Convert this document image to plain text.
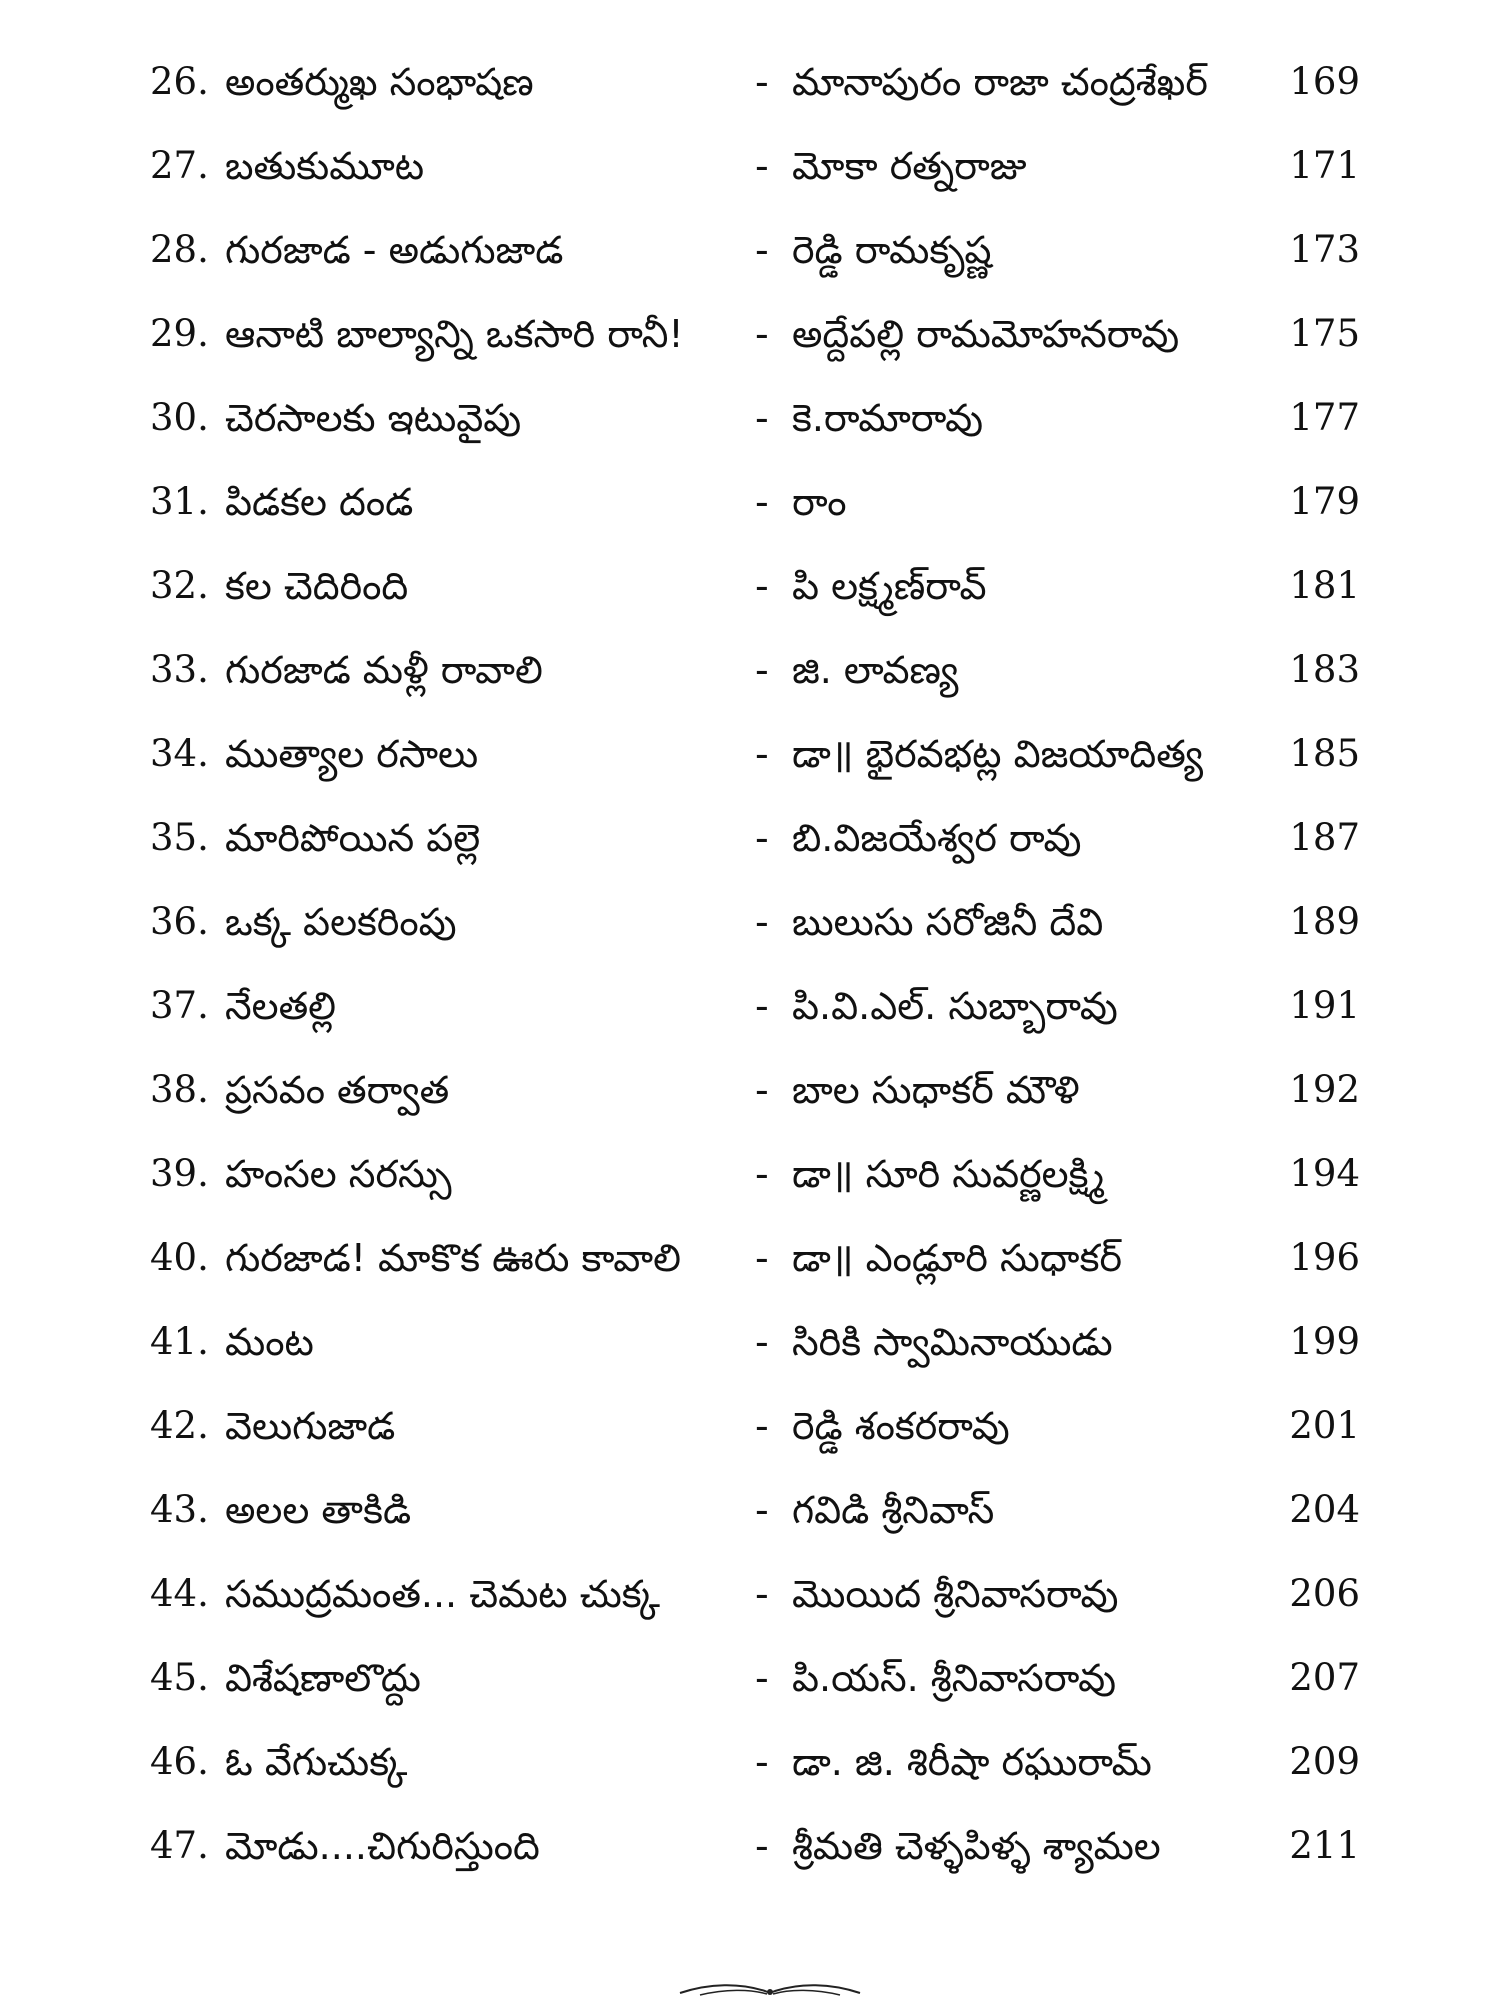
26. అంతర్ముఖ సంభాషణ	- మానాపురం రాజా చంద్రశేఖర్ 169
27. బతుకుమూట	- మోకా రత్నరాజు	171
28. గురజాడ - అడుగుజాడ	- రెడ్డి రామకృష్ణ	173
29. ఆనాటి బాల్యాన్ని ఒకసారి రానీ! - అద్దేపల్లి రామమోహనరావు	175
30. చెరసాలకు ఇటువైపు	- కె.రామారావు	177
31. పిడకల దండ	- రాం	179
32. కల చెదిరింది	- పి లక్ష్మణ్‌రావ్	181
33. గురజాడ మళ్లీ రావాలి	- జి. లావణ్య	183
34. ముత్యాల రసాలు	- డా॥ భైరవభట్ల విజయాదిత్య 185
35. మారిపోయిన పల్లె	- బి.విజయేశ్వర రావు	187
36. ఒక్క పలకరింపు	- బులుసు సరోజినీ దేవి	189
37. నేలతల్లి	- పి.వి.ఎల్. సుబ్బారావు	191
38. ప్రసవం తర్వాత	- బాల సుధాకర్ మౌళి	192
39. హంసల సరస్సు	- డా॥ సూరి సువర్ణలక్ష్మి	194
40. గురజాడ! మాకొక ఊరు కావాలి - డా॥ ఎండ్లూరి సుధాకర్	196
41. మంట	- సిరికి స్వామినాయుడు	199
42. వెలుగుజాడ	- రెడ్డి శంకరరావు	201
43. అలల తాకిడి	- గవిడి శ్రీనివాస్	204
44. సముద్రమంత... చెమట చుక్క	- మొయిద శ్రీనివాసరావు	206
45. విశేషణాలొద్దు	- పి.యస్. శ్రీనివాసరావు	207
46. ఓ వేగుచుక్క	- డా. జి. శిరీషా రఘురామ్	209
47. మోడు....చిగురిస్తుంది	- శ్రీమతి చెళ్ళపిళ్ళ శ్యామల	211
